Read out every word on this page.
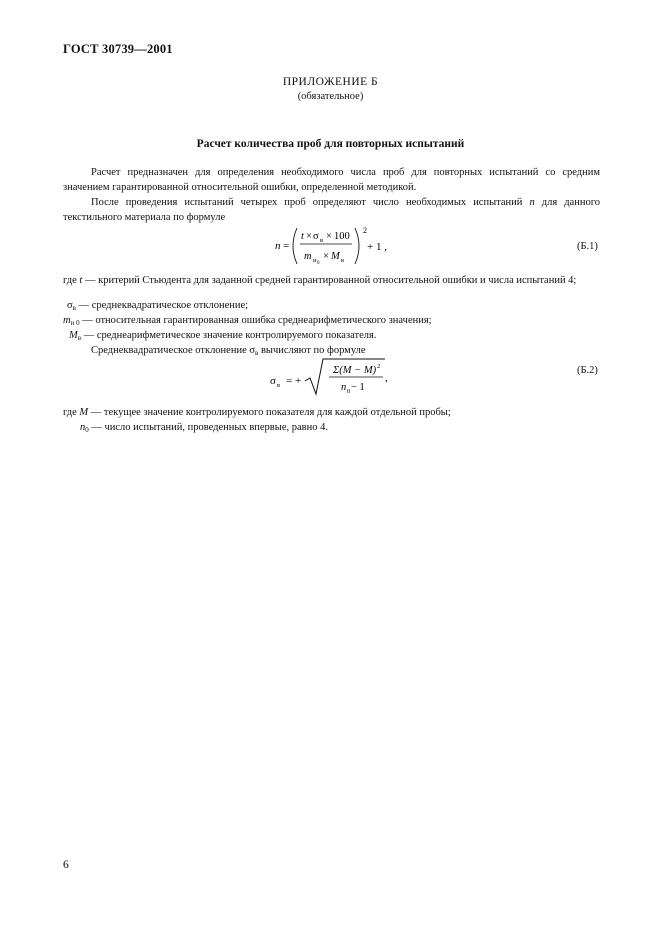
ГОСТ 30739—2001
ПРИЛОЖЕНИЕ Б
(обязательное)
Расчет количества проб для повторных испытаний
Расчет предназначен для определения необходимого числа проб для повторных испытаний со средним значением гарантированной относительной ошибки, определенной методикой.
После проведения испытаний четырех проб определяют число необходимых испытаний n для данного текстильного материала по формуле
n =
t × σ в × 100
m и 0
× M в
2
+ 1 ,	(Б.1)
где t — критерий Стьюдента для заданной средней гарантированной относительной ошибки и числа испытаний 4;
$\sigma_в$ — среднеквадратическое отклонение;
$m_{и 0}$ — относительная гарантированная ошибка среднеарифметического значения;
$M_в$ — среднеарифметическое значение контролируемого показателя.
Среднеквадратическое отклонение $\sigma_в$ вычисляют по формуле
σ в = +
Σ(M − M) 2
n 0 − 1
,
(Б.2)
где M — текущее значение контролируемого показателя для каждой отдельной пробы;
$n_0$ — число испытаний, проведенных впервые, равно 4.
6
